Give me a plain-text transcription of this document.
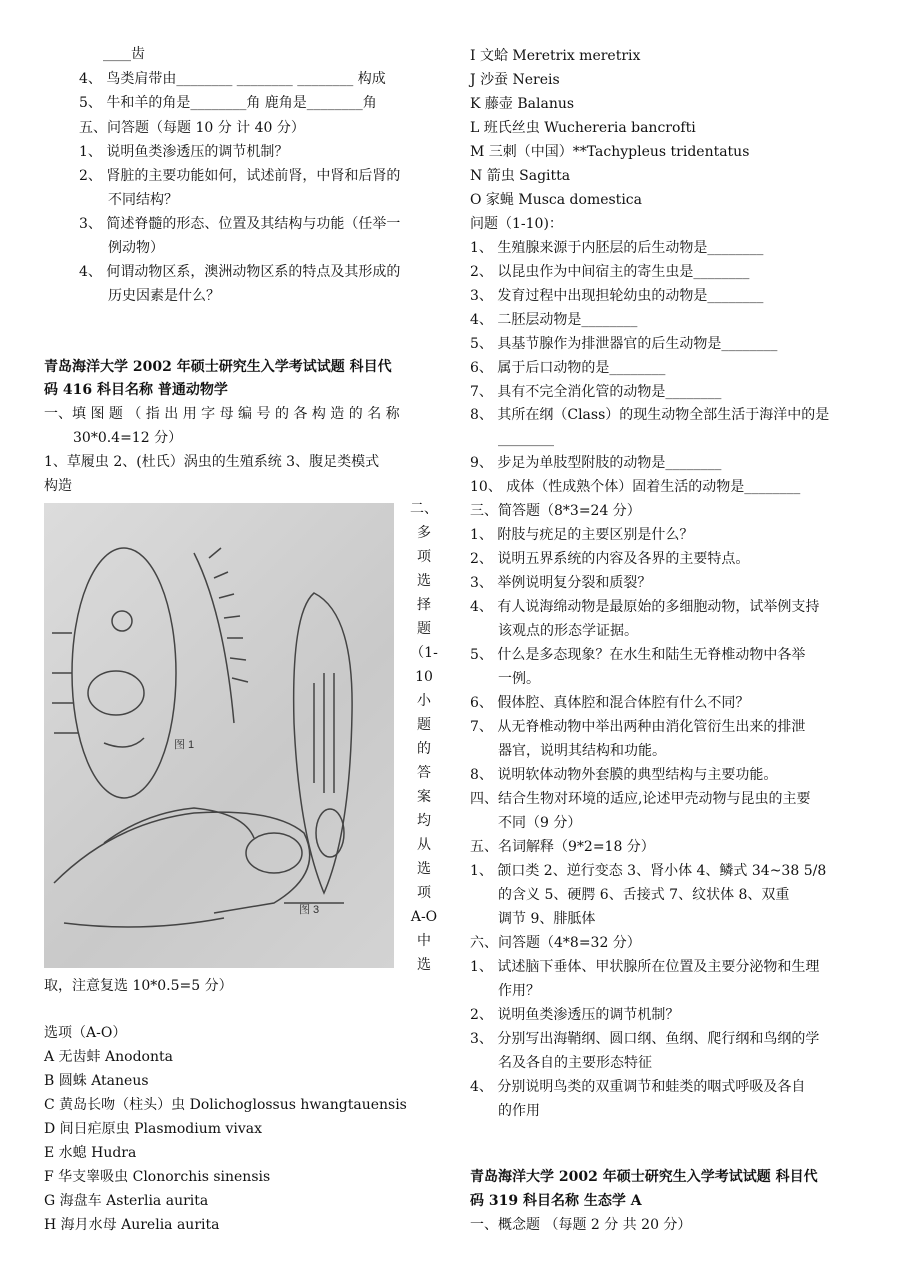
____齿
4、 鸟类肩带由________ ________ ________ 构成
5、 牛和羊的角是________角 鹿角是________角
五、问答题（每题 10 分 计 40 分）
1、 说明鱼类渗透压的调节机制？
2、 肾脏的主要功能如何，试述前肾，中肾和后肾的
不同结构？
3、 简述脊髓的形态、位置及其结构与功能（任举一
例动物）
4、 何谓动物区系，澳洲动物区系的特点及其形成的
历史因素是什么？
青岛海洋大学 2002 年硕士研究生入学考试试题 科目代
码 416 科目名称 普通动物学
一、填 图 题 （ 指 出 用 字 母 编 号 的 各 构 造 的 名 称
30*0.4=12 分）
1、草履虫 2、(杜氏）涡虫的生殖系统 3、腹足类模式
构造
图 1
图 3
二、
多
项
选
择
题
（1-
10
小
题
的
答
案
均
从
选
项
A-O
中
选
取，注意复选 10*0.5=5 分）
选项（A-O）
A 无齿蚌 Anodonta
B 圆蛛 Ataneus
C 黄岛长吻（柱头）虫 Dolichoglossus hwangtauensis
D 间日疟原虫 Plasmodium vivax
E 水螅 Hudra
F 华支睾吸虫 Clonorchis sinensis
G 海盘车 Asterlia aurita
H 海月水母 Aurelia aurita
I 文蛤 Meretrix meretrix
J 沙蚕 Nereis
K 藤壶 Balanus
L 班氏丝虫 Wuchereria bancrofti
M 三刺（中国）**Tachypleus tridentatus
N 箭虫 Sagitta
O 家蝇 Musca domestica
问题（1-10)：
1、 生殖腺来源于内胚层的后生动物是________
2、 以昆虫作为中间宿主的寄生虫是________
3、 发育过程中出现担轮幼虫的动物是________
4、 二胚层动物是________
5、 具基节腺作为排泄器官的后生动物是________
6、 属于后口动物的是________
7、 具有不完全消化管的动物是________
8、 其所在纲（Class）的现生动物全部生活于海洋中的是
________
9、 步足为单肢型附肢的动物是________
10、 成体（性成熟个体）固着生活的动物是________
三、简答题（8*3=24 分）
1、 附肢与疣足的主要区别是什么？
2、 说明五界系统的内容及各界的主要特点。
3、 举例说明复分裂和质裂？
4、 有人说海绵动物是最原始的多细胞动物，试举例支持
该观点的形态学证据。
5、 什么是多态现象？在水生和陆生无脊椎动物中各举
一例。
6、 假体腔、真体腔和混合体腔有什么不同？
7、 从无脊椎动物中举出两种由消化管衍生出来的排泄
器官，说明其结构和功能。
8、 说明软体动物外套膜的典型结构与主要功能。
四、结合生物对环境的适应,论述甲壳动物与昆虫的主要
不同（9 分）
五、名词解释（9*2=18 分）
1、 颌口类 2、逆行变态 3、肾小体 4、鳞式 34~38 5/8
的含义 5、硬腭 6、舌接式 7、纹状体 8、双重
调节 9、腓胝体
六、问答题（4*8=32 分）
1、 试述脑下垂体、甲状腺所在位置及主要分泌物和生理
作用？
2、 说明鱼类渗透压的调节机制？
3、 分别写出海鞘纲、圆口纲、鱼纲、爬行纲和鸟纲的学
名及各自的主要形态特征
4、 分别说明鸟类的双重调节和蛙类的咽式呼吸及各自
的作用
青岛海洋大学 2002 年硕士研究生入学考试试题 科目代
码 319 科目名称 生态学 A
一、概念题 （每题 2 分 共 20 分）
